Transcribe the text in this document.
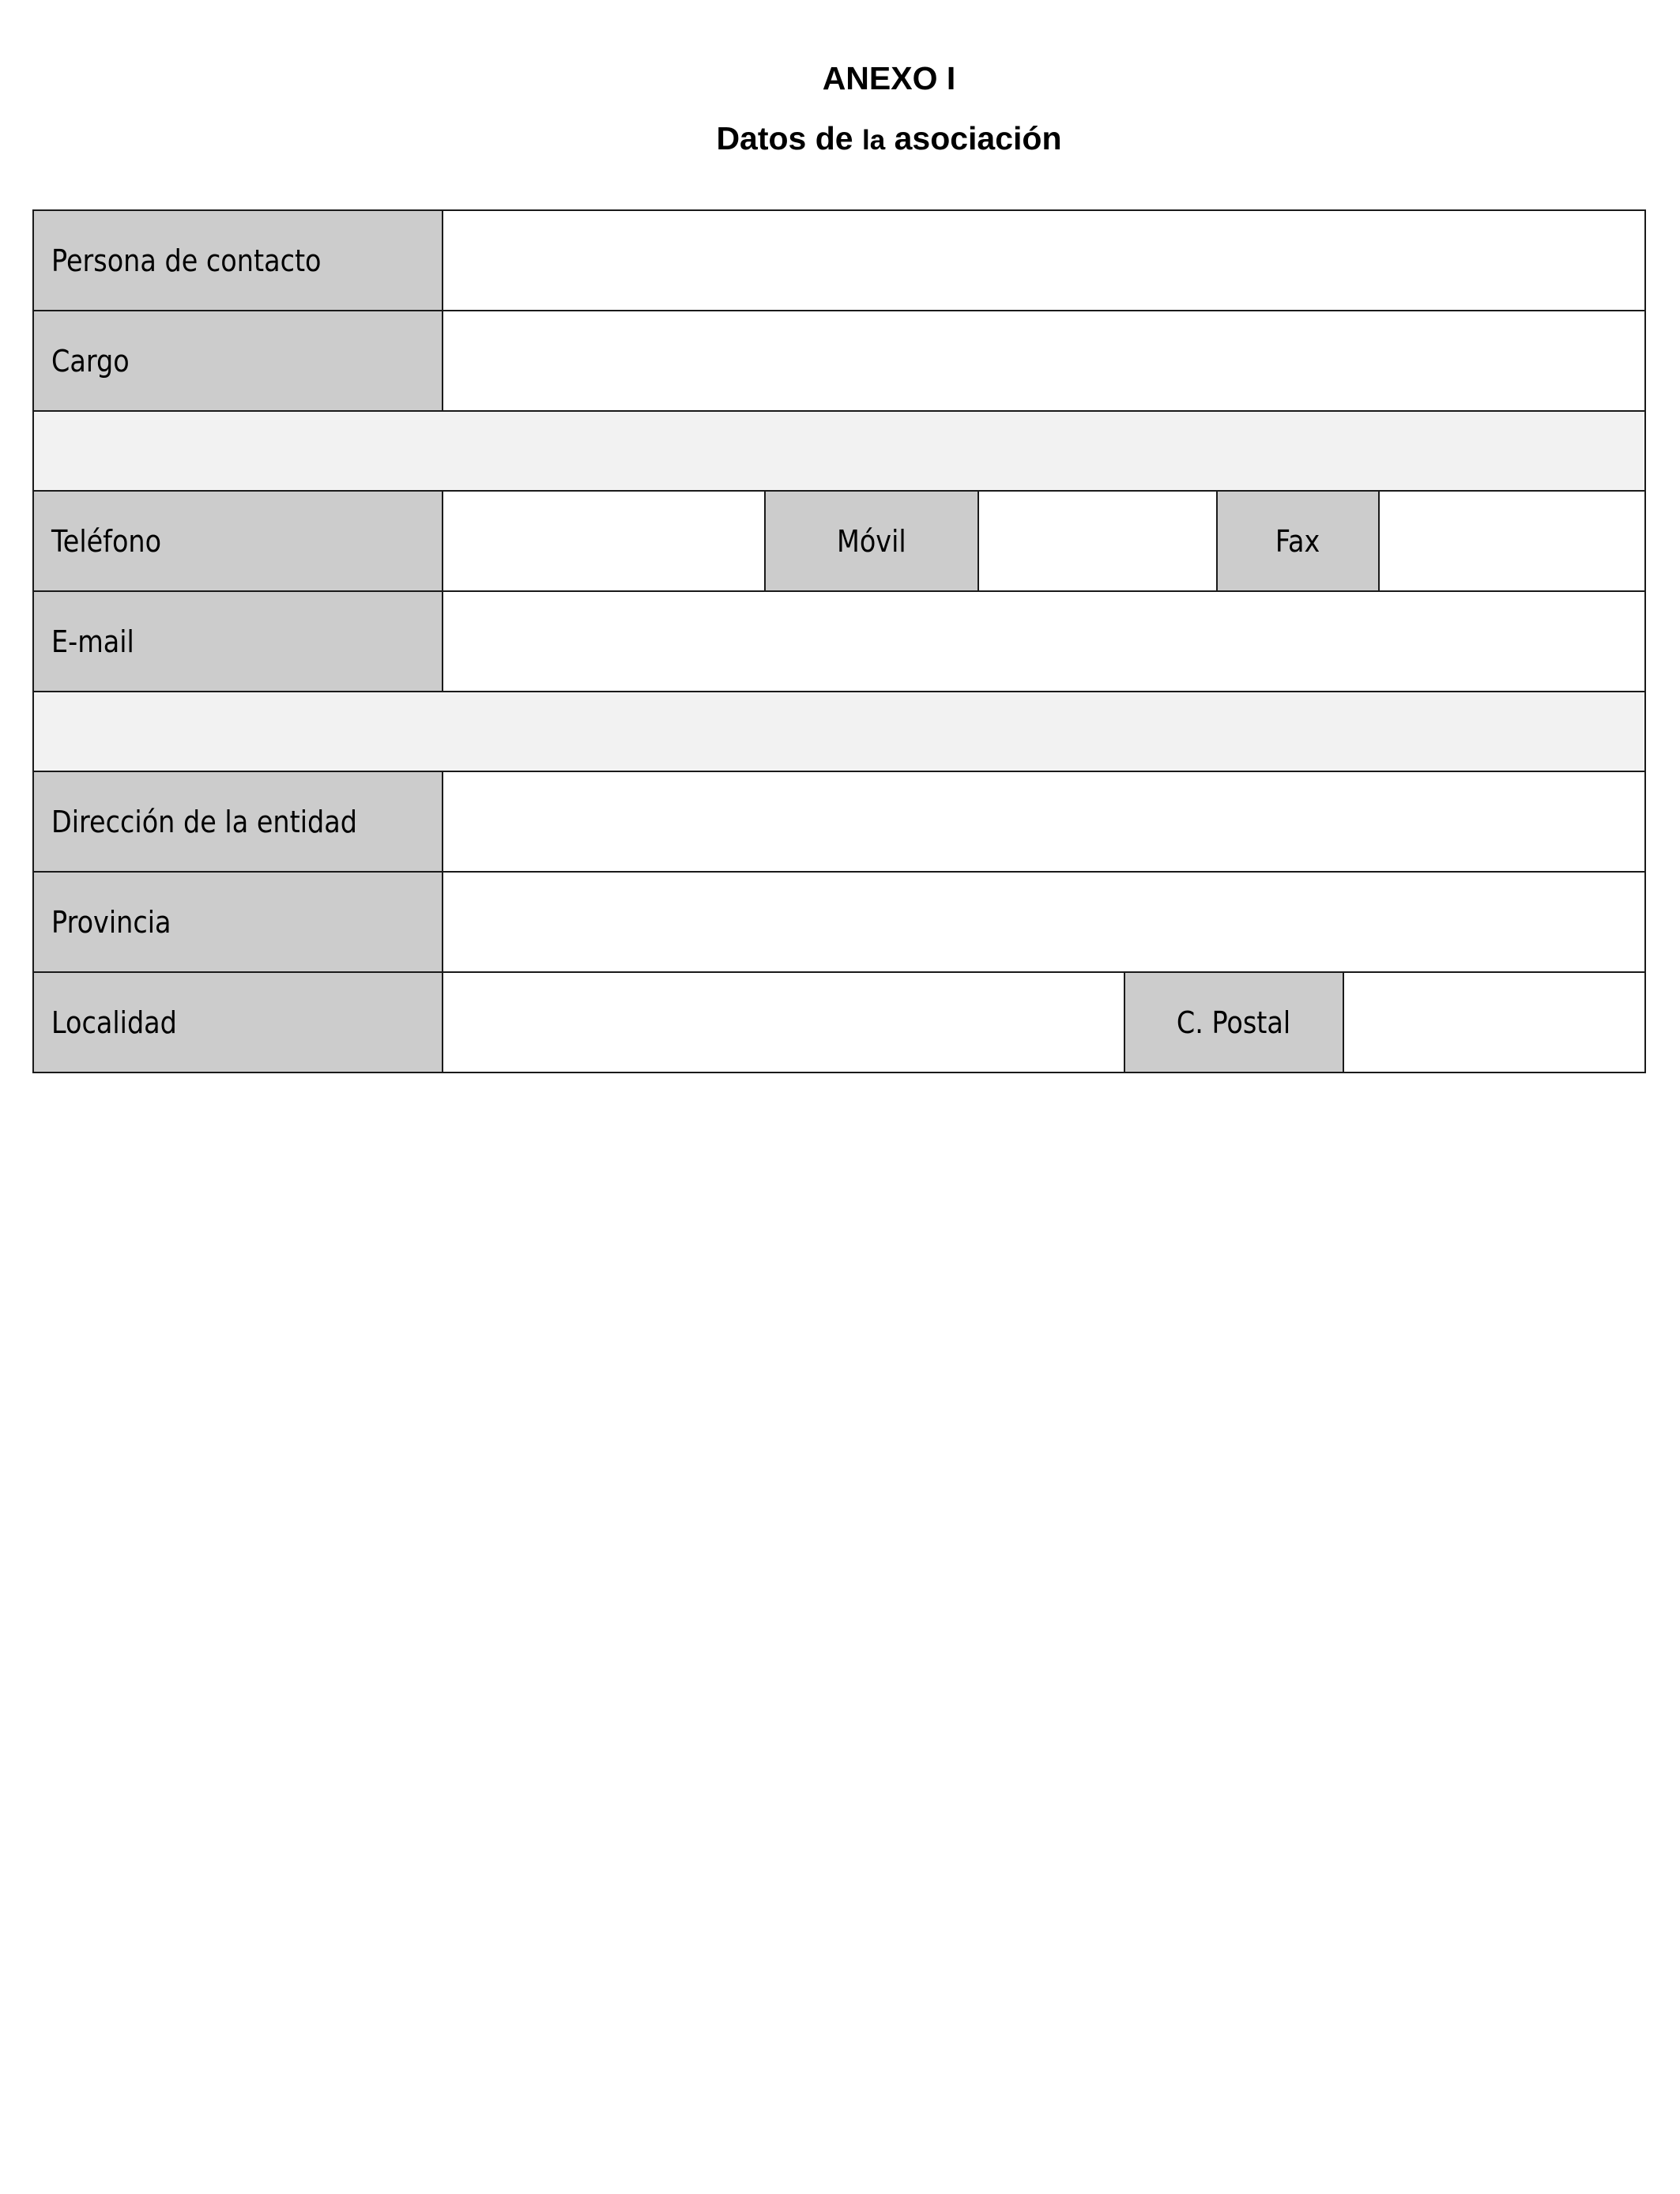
ANEXO I
Datos de la asociación
Persona de contacto
Cargo
Teléfono	Móvil	Fax
E-mail
Dirección de la entidad
Provincia
Localidad	C. Postal
